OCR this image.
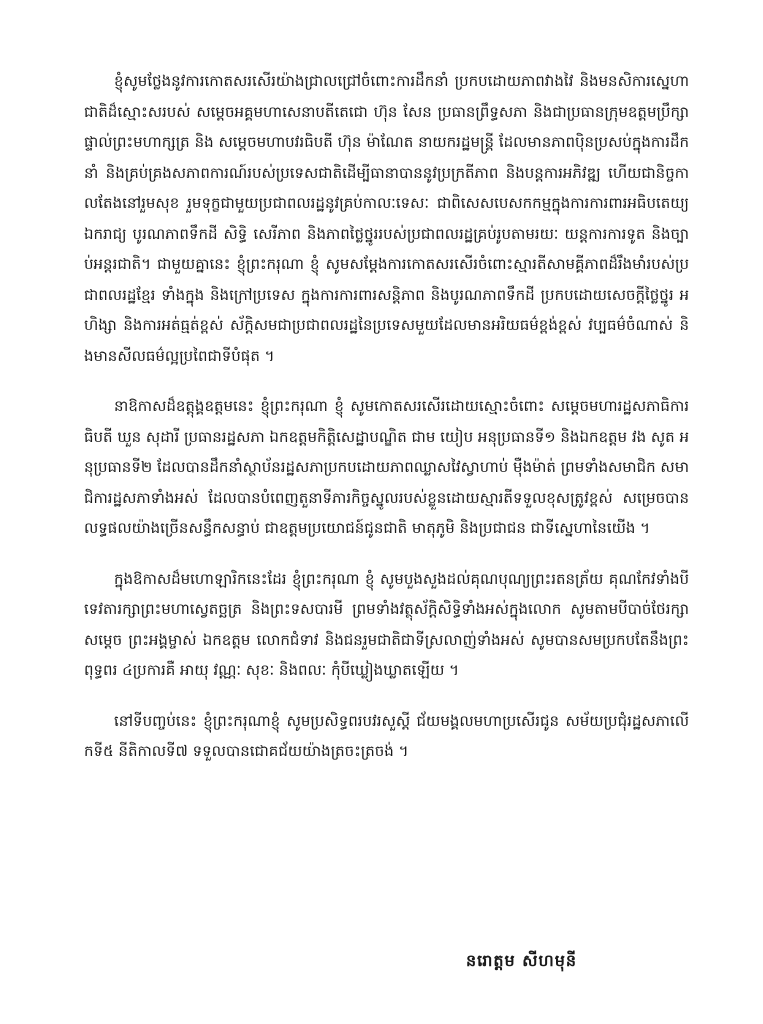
ខ្ញុំសូមថ្លែងនូវការកោតសរសើរយ៉ាងជ្រាលជ្រៅចំពោះការដឹកនាំ ប្រកបដោយភាពវាងវៃ និងមនសិការស្នេហាជាតិដ៏ស្មោះសរបស់ សម្តេចអគ្គមហាសេនាបតីតេជោ ហ៊ុន សែន ប្រធានព្រឹទ្ធសភា និងជាប្រធានក្រុមឧត្តមប្រឹក្សាផ្ទាល់ព្រះមហាក្សត្រ និង សម្តេចមហាបវរធិបតី ហ៊ុន ម៉ាណែត នាយករដ្ឋមន្ត្រី ដែលមានភាពប៉ិនប្រសប់ក្នុងការដឹកនាំ និងគ្រប់គ្រងសភាពការណ៍របស់ប្រទេសជាតិដើម្បីធានាបាននូវប្រក្រតីភាព និងបន្តការអភិវឌ្ឍ ហើយជានិច្ចកាលតែងនៅរួមសុខ រួមទុក្ខជាមួយប្រជាពលរដ្ឋនូវគ្រប់កាលៈទេសៈ ជាពិសេសបេសកកម្មក្នុងការការពារអធិបតេយ្យ ឯករាជ្យ បូរណភាពទឹកដី សិទ្ធិ សេរីភាព និងភាពថ្លៃថ្នូររបស់ប្រជាពលរដ្ឋគ្រប់រូបតាមរយៈ យន្តការការទូត និងច្បាប់អន្តរជាតិ។ ជាមួយគ្នានេះ ខ្ញុំព្រះករុណា ខ្ញុំ សូមសម្តែងការកោតសរសើរចំពោះស្មារតីសាមគ្គីភាពដ៏រឹងមាំរបស់ប្រជាពលរដ្ឋខ្មែរ ទាំងក្នុង និងក្រៅប្រទេស ក្នុងការការពារសន្តិភាព និងបូរណភាពទឹកដី ប្រកបដោយសេចក្តីថ្លៃថ្នូរ អហិង្សា និងការអត់ធ្មត់ខ្ពស់ ស័ក្តិសមជាប្រជាពលរដ្ឋនៃប្រទេសមួយដែលមានអរិយធម៌ខ្ពង់ខ្ពស់ វប្បធម៌ចំណាស់ និងមានសីលធម៌ល្អប្រពៃជាទីបំផុត ។

នាឱកាសដ៏ឧត្តុង្គឧត្តមនេះ ខ្ញុំព្រះករុណា ខ្ញុំ សូមកោតសរសើរដោយស្មោះចំពោះ សម្តេចមហារដ្ឋសភាធិការធិបតី ឃួន សុដារី ប្រធានរដ្ឋសភា ឯកឧត្តមកិត្តិសេដ្ឋាបណ្ឌិត ជាម យៀប អនុប្រធានទី១ និងឯកឧត្តម វង សូត អនុប្រធានទី២ ដែលបានដឹកនាំស្ថាប័នរដ្ឋសភាប្រកបដោយភាពឈ្លាសវៃស្វាហាប់ ម៉ឺងម៉ាត់ ព្រមទាំងសមាជិក សមាជិការដ្ឋសភាទាំងអស់ ដែលបានបំពេញតួនាទីភារកិច្ចស្នូលរបស់ខ្លួនដោយស្មារតីទទួលខុសត្រូវខ្ពស់ សម្រេចបានលទ្ធផលយ៉ាងច្រើនសន្ធឹកសន្ធាប់ ជាឧត្តមប្រយោជន៍ជូនជាតិ មាតុភូមិ និងប្រជាជន ជាទីស្នេហានៃយើង ។

ក្នុងឱកាសដ៏មហោឡារិកនេះដែរ ខ្ញុំព្រះករុណា ខ្ញុំ សូមបួងសួងដល់គុណបុណ្យព្រះរតនត្រ័យ គុណកែវទាំងបី ទេវតារក្សាព្រះមហាស្វេតច្ឆត្រ និងព្រះទសបារមី ព្រមទាំងវត្ថុស័ក្តិសិទ្ធិទាំងអស់ក្នុងលោក សូមតាមបីបាច់ថែរក្សា សម្តេច ព្រះអង្គម្ចាស់ ឯកឧត្តម លោកជំទាវ និងជនរួមជាតិជាទីស្រលាញ់ទាំងអស់ សូមបានសមប្រកបតែនឹងព្រះពុទ្ធពរ ៤ប្រការគឺ អាយុ វណ្ណៈ សុខៈ និងពលៈ កុំបីឃ្លៀងឃ្លាតឡើយ ។

នៅទីបញ្ចប់នេះ ខ្ញុំព្រះករុណាខ្ញុំ សូមប្រសិទ្ធពរបវរសួស្តី ជ័យមង្គលមហាប្រសើរជូន សម័យប្រជុំរដ្ឋសភាលើកទី៥ នីតិកាលទី៧ ទទួលបានជោគជ័យយ៉ាងត្រចះត្រចង់ ។

នរោត្តម សីហមុនី
